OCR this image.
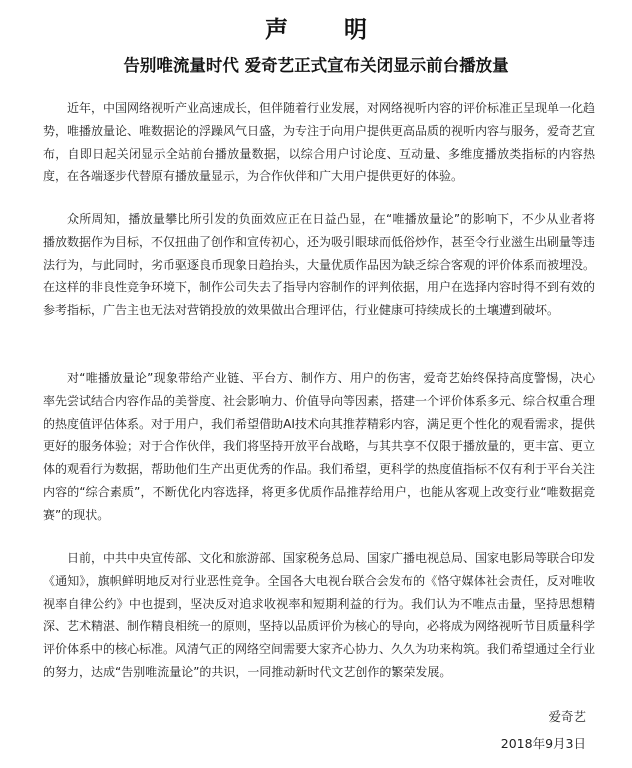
声 明
告别唯流量时代 爱奇艺正式宣布关闭显示前台播放量

近年，中国网络视听产业高速成长，但伴随着行业发展，对网络视听内容的评价标准正呈现单一化趋势，唯播放量论、唯数据论的浮躁风气日盛，为专注于向用户提供更高品质的视听内容与服务，爱奇艺宣布，自即日起关闭显示全站前台播放量数据，以综合用户讨论度、互动量、多维度播放类指标的内容热度，在各端逐步代替原有播放量显示，为合作伙伴和广大用户提供更好的体验。

众所周知，播放量攀比所引发的负面效应正在日益凸显，在“唯播放量论”的影响下，不少从业者将播放数据作为目标，不仅扭曲了创作和宣传初心，还为吸引眼球而低俗炒作，甚至令行业滋生出刷量等违法行为，与此同时，劣币驱逐良币现象日趋抬头，大量优质作品因为缺乏综合客观的评价体系而被埋没。在这样的非良性竞争环境下，制作公司失去了指导内容制作的评判依据，用户在选择内容时得不到有效的参考指标，广告主也无法对营销投放的效果做出合理评估，行业健康可持续成长的土壤遭到破坏。

对“唯播放量论”现象带给产业链、平台方、制作方、用户的伤害，爱奇艺始终保持高度警惕，决心率先尝试结合内容作品的美誉度、社会影响力、价值导向等因素，搭建一个评价体系多元、综合权重合理的热度值评估体系。对于用户，我们希望借助AI技术向其推荐精彩内容，满足更个性化的观看需求，提供更好的服务体验；对于合作伙伴，我们将坚持开放平台战略，与其共享不仅限于播放量的，更丰富、更立体的观看行为数据，帮助他们生产出更优秀的作品。我们希望，更科学的热度值指标不仅有利于平台关注内容的“综合素质”，不断优化内容选择，将更多优质作品推荐给用户，也能从客观上改变行业“唯数据竞赛”的现状。

日前，中共中央宣传部、文化和旅游部、国家税务总局、国家广播电视总局、国家电影局等联合印发《通知》，旗帜鲜明地反对行业恶性竞争。全国各大电视台联合会发布的《恪守媒体社会责任，反对唯收视率自律公约》中也提到，坚决反对追求收视率和短期利益的行为。我们认为不唯点击量，坚持思想精深、艺术精湛、制作精良相统一的原则，坚持以品质评价为核心的导向，必将成为网络视听节目质量科学评价体系中的核心标准。风清气正的网络空间需要大家齐心协力、久久为功来构筑。我们希望通过全行业的努力，达成“告别唯流量论”的共识，一同推动新时代文艺创作的繁荣发展。

爱奇艺
2018年9月3日
